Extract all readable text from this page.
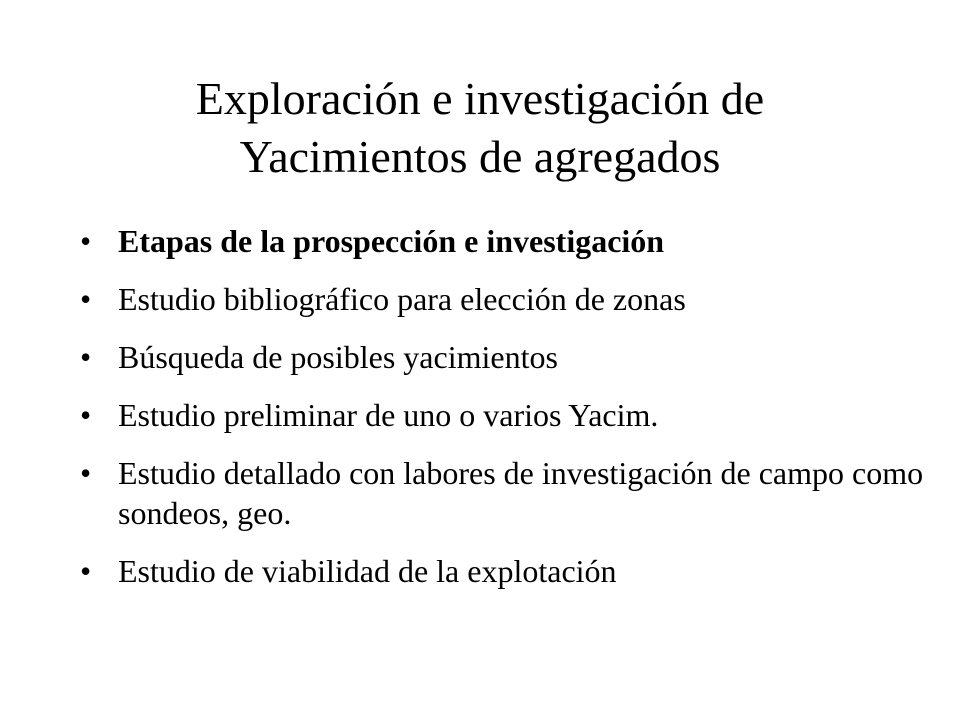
Exploración e investigación de
Yacimientos de agregados
• Etapas de la prospección e investigación
• Estudio bibliográfico para elección de zonas
• Búsqueda de posibles yacimientos
• Estudio preliminar de uno o varios Yacim.
• Estudio detallado con labores de investigación de campo como sondeos, geo.
• Estudio de viabilidad de la explotación
